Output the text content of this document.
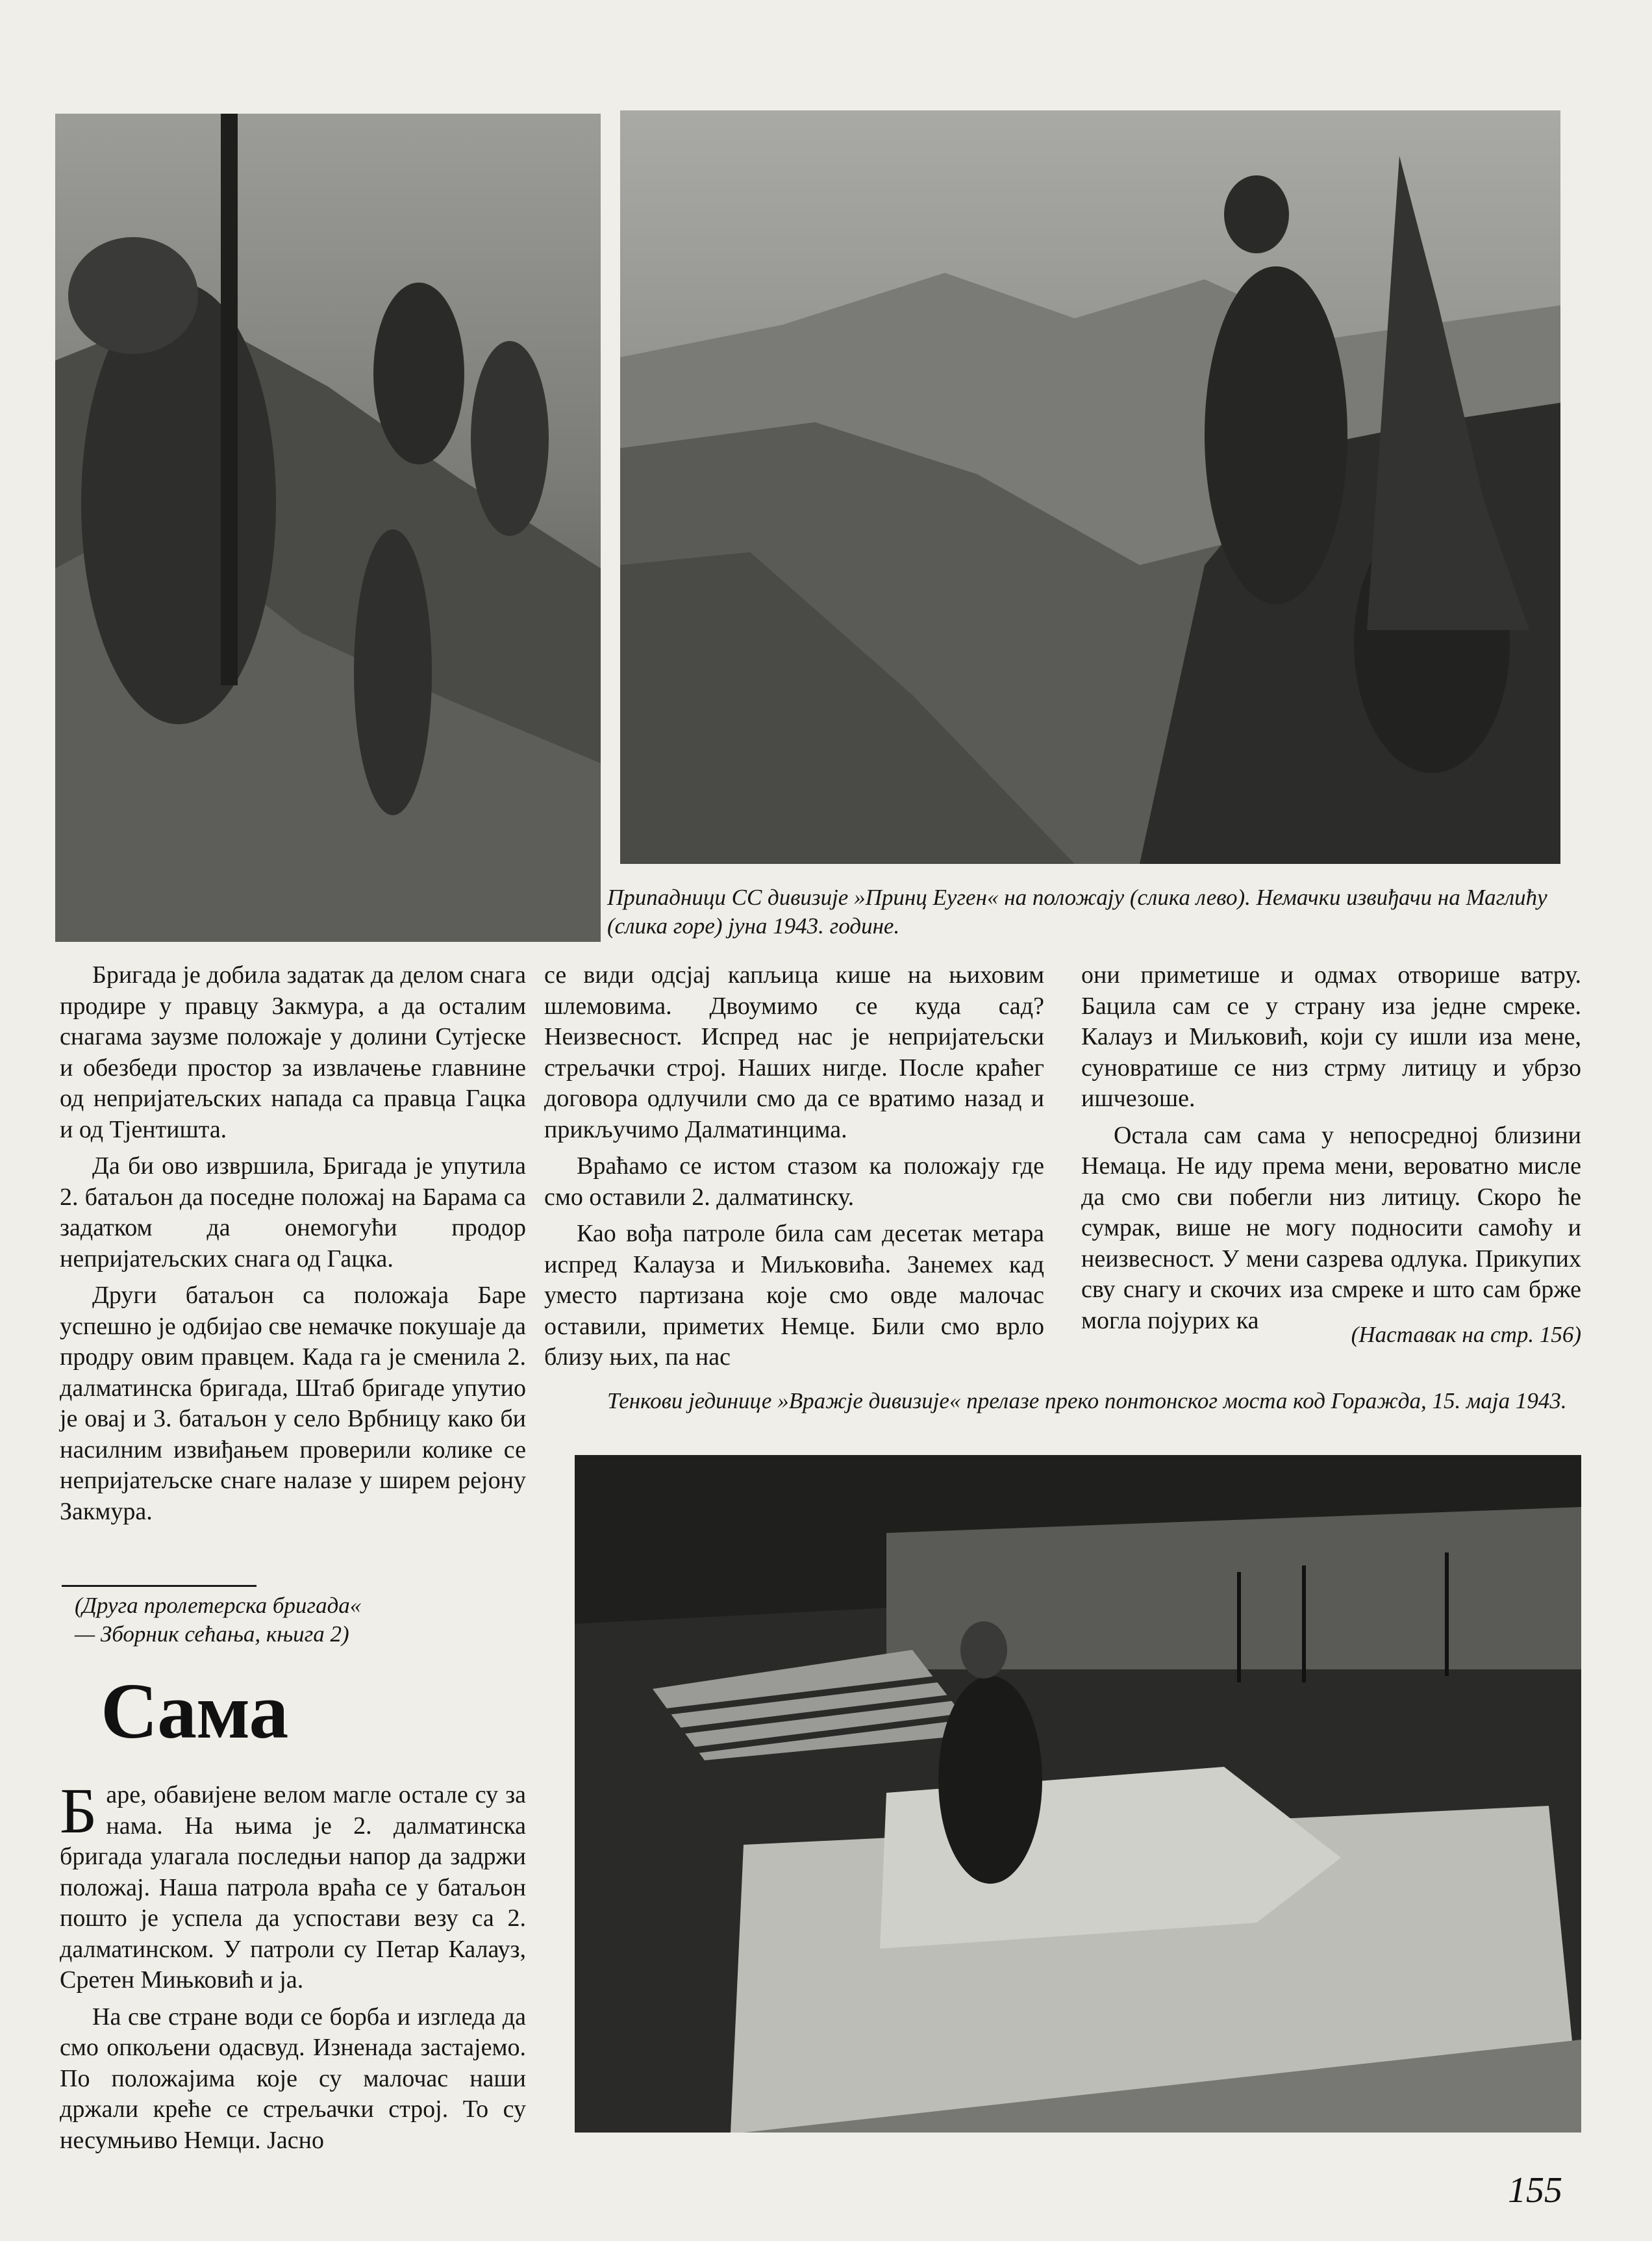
Припадници СС дивизије »Принц Еуген« на положају (слика лево). Немачки извиђачи на Маглићу (слика горе) јуна 1943. године.

Бригада је добила задатак да делом снага продире у правцу Закмура, а да осталим снагама заузме положаје у долини Сутјеске и обезбеди простор за извлачење главнине од непријатељских напада са правца Гацка и од Тјентишта.

Да би ово извршила, Бригада је упутила 2. батаљон да поседне положај на Барама са задатком да онемогући продор непријатељских снага од Гацка.

Други батаљон са положаја Баре успешно је одбијао све немачке покушаје да продру овим правцем. Када га је сменила 2. далматинска бригада, Штаб бригаде упутио је овај и 3. батаљон у село Врбницу како би насилним извиђањем проверили колике се непријатељске снаге налазе у ширем рејону Закмура.

(Друга пролетерска бригада«
— Зборник сећања, књига 2)
Сама

Баре, обавијене велом магле остале су за нама. На њима је 2. далматинска бригада улагала последњи напор да задржи положај. Наша патрола враћа се у батаљон пошто је успела да успостави везу са 2. далматинском. У патроли су Петар Калауз, Сретен Мињковић и ја.

На све стране води се борба и изгледа да смо опкољени одасвуд. Изненада застајемо. По положајима које су малочас наши држали креће се стрељачки строј. То су несумњиво Немци. Јасно

се види одсјај капљица кише на њиховим шлемовима. Двоумимо се куда сад? Неизвесност. Испред нас је непријатељски стрељачки строј. Наших нигде. После краћег договора одлучили смо да се вратимо назад и прикључимо Далматинцима.

Враћамо се истом стазом ка положају где смо оставили 2. далматинску.

Као вођа патроле била сам десетак метара испред Калауза и Миљковића. Занемех кад уместо партизана које смо овде малочас оставили, приметих Немце. Били смо врло близу њих, па нас

они приметише и одмах отворише ватру. Бацила сам се у страну иза једне смреке. Калауз и Миљковић, који су ишли иза мене, суновратише се низ стрму литицу и убрзо ишчезоше.

Остала сам сама у непосредној близини Немаца. Не иду према мени, вероватно мисле да смо сви побегли низ литицу. Скоро ће сумрак, више не могу подносити самоћу и неизвесност. У мени сазрева одлука. Прикупих сву снагу и скочих иза смреке и што сам брже могла појурих ка

(Наставак на стр. 156)
Тенкови јединице »Вражје дивизије« прелазе преко понтонског моста код Горажда, 15. маја 1943.
155
